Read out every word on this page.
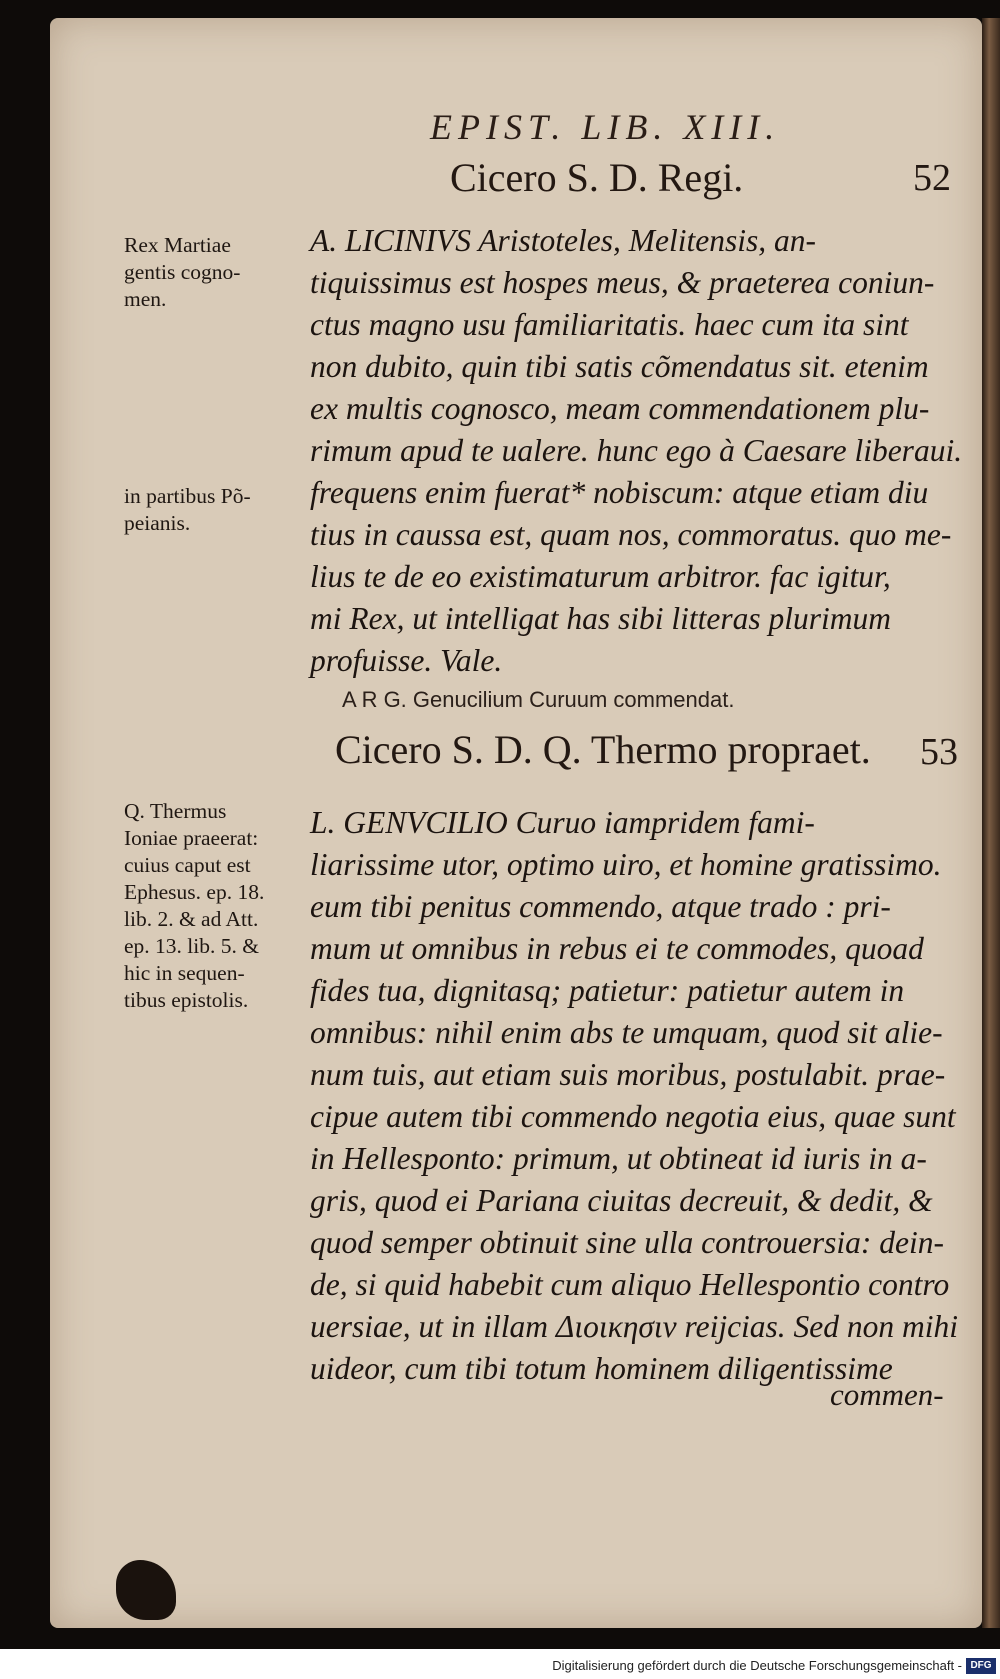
EPIST. LIB. XIII.
Cicero S. D. Regi.	52
Rex Martiae
gentis cogno-
men.
in partibus Põ-
peianis.
A. LICINIVS Aristoteles, Melitensis, an-
tiquissimus est hospes meus, & praeterea coniun-
ctus magno usu familiaritatis. haec cum ita sint
non dubito, quin tibi satis cõmendatus sit. etenim
ex multis cognosco, meam commendationem plu-
rimum apud te ualere. hunc ego à Caesare liberaui.
frequens enim fuerat* nobiscum: atque etiam diu
tius in caussa est, quam nos, commoratus. quo me-
lius te de eo existimaturum arbitror. fac igitur,
mi Rex, ut intelligat has sibi litteras plurimum
profuisse. Vale.
A R G. Genucilium Curuum commendat.
Cicero S. D. Q. Thermo propraet. 53
Q. Thermus
Ioniae praeerat:
cuius caput est
Ephesus. ep. 18.
lib. 2. & ad Att.
ep. 13. lib. 5. &
hic in sequen-
tibus epistolis.
L. GENVCILIO Curuo iampridem fami-
liarissime utor, optimo uiro, et homine gratissimo.
eum tibi penitus commendo, atque trado : pri-
mum ut omnibus in rebus ei te commodes, quoad
fides tua, dignitasq; patietur: patietur autem in
omnibus: nihil enim abs te umquam, quod sit alie-
num tuis, aut etiam suis moribus, postulabit. prae-
cipue autem tibi commendo negotia eius, quae sunt
in Hellesponto: primum, ut obtineat id iuris in a-
gris, quod ei Pariana ciuitas decreuit, & dedit, &
quod semper obtinuit sine ulla controuersia: dein-
de, si quid habebit cum aliquo Hellespontio contro
uersiae, ut in illam Διοικησιν reijcias. Sed non mihi
uideor, cum tibi totum hominem diligentissime
commen-
Digitalisierung gefördert durch die Deutsche Forschungsgemeinschaft - DFG
